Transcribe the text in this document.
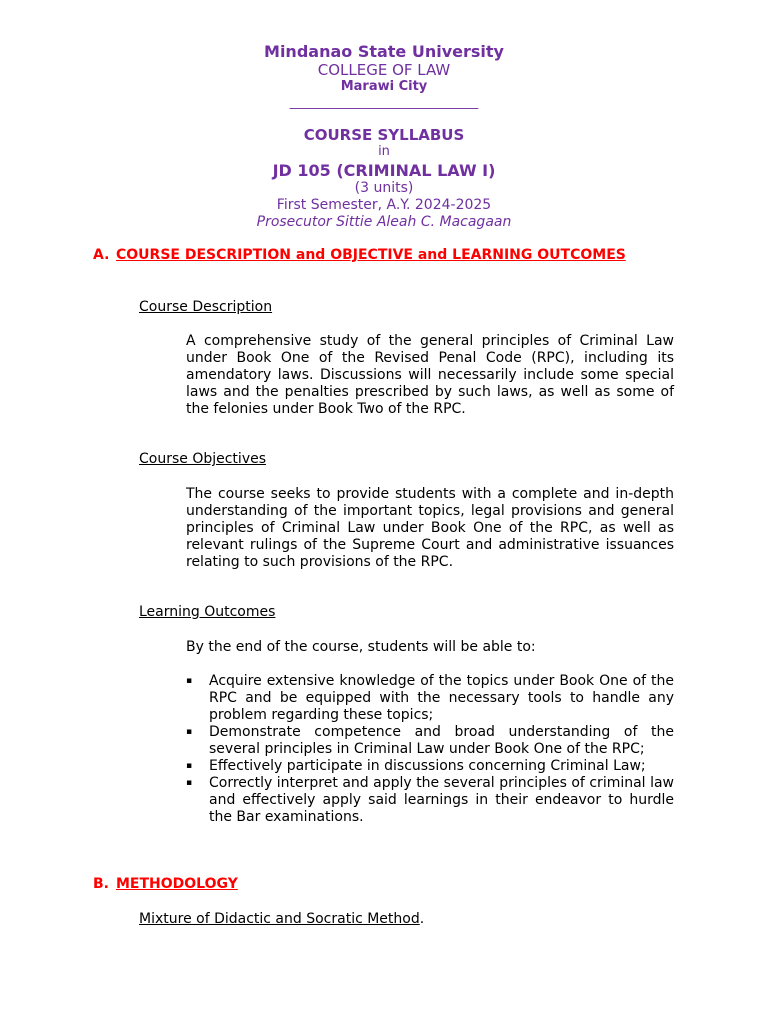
Mindanao State University
COLLEGE OF LAW
Marawi City
_____________________________
COURSE SYLLABUS
in
JD 105 (CRIMINAL LAW I)
(3 units)
First Semester, A.Y. 2024-2025
Prosecutor Sittie Aleah C. Macagaan
A. COURSE DESCRIPTION and OBJECTIVE and LEARNING OUTCOMES
Course Description
A comprehensive study of the general principles of Criminal Law under Book One of the Revised Penal Code (RPC), including its amendatory laws. Discussions will necessarily include some special laws and the penalties prescribed by such laws, as well as some of the felonies under Book Two of the RPC.
Course Objectives
The course seeks to provide students with a complete and in-depth understanding of the important topics, legal provisions and general principles of Criminal Law under Book One of the RPC, as well as relevant rulings of the Supreme Court and administrative issuances relating to such provisions of the RPC.
Learning Outcomes
By the end of the course, students will be able to:
▪ Acquire extensive knowledge of the topics under Book One of the RPC and be equipped with the necessary tools to handle any problem regarding these topics;
▪ Demonstrate competence and broad understanding of the several principles in Criminal Law under Book One of the RPC;
▪ Effectively participate in discussions concerning Criminal Law;
▪ Correctly interpret and apply the several principles of criminal law and effectively apply said learnings in their endeavor to hurdle the Bar examinations.
B. METHODOLOGY
Mixture of Didactic and Socratic Method.
